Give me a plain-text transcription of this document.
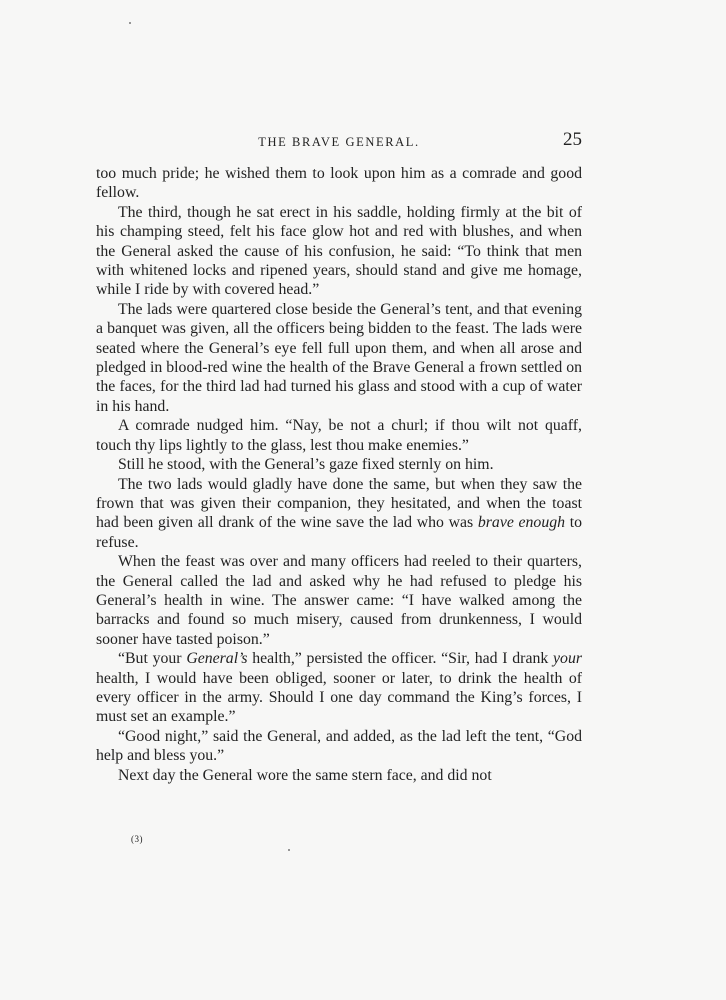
THE BRAVE GENERAL.	25

too much pride; he wished them to look upon him as a comrade and good fellow.

The third, though he sat erect in his saddle, holding firmly at the bit of his champing steed, felt his face glow hot and red with blushes, and when the General asked the cause of his confusion, he said: “To think that men with whitened locks and ripened years, should stand and give me homage, while I ride by with covered head.”

The lads were quartered close beside the General’s tent, and that evening a banquet was given, all the officers being bidden to the feast. The lads were seated where the General’s eye fell full upon them, and when all arose and pledged in blood-red wine the health of the Brave General a frown settled on the faces, for the third lad had turned his glass and stood with a cup of water in his hand.

A comrade nudged him. “Nay, be not a churl; if thou wilt not quaff, touch thy lips lightly to the glass, lest thou make enemies.”

Still he stood, with the General’s gaze fixed sternly on him.

The two lads would gladly have done the same, but when they saw the frown that was given their companion, they hesitated, and when the toast had been given all drank of the wine save the lad who was brave enough to refuse.

When the feast was over and many officers had reeled to their quarters, the General called the lad and asked why he had refused to pledge his General’s health in wine. The answer came: “I have walked among the barracks and found so much misery, caused from drunkenness, I would sooner have tasted poison.”

“But your General’s health,” persisted the officer. “Sir, had I drank your health, I would have been obliged, sooner or later, to drink the health of every officer in the army. Should I one day command the King’s forces, I must set an example.”

“Good night,” said the General, and added, as the lad left the tent, “God help and bless you.”

Next day the General wore the same stern face, and did not

(3)
